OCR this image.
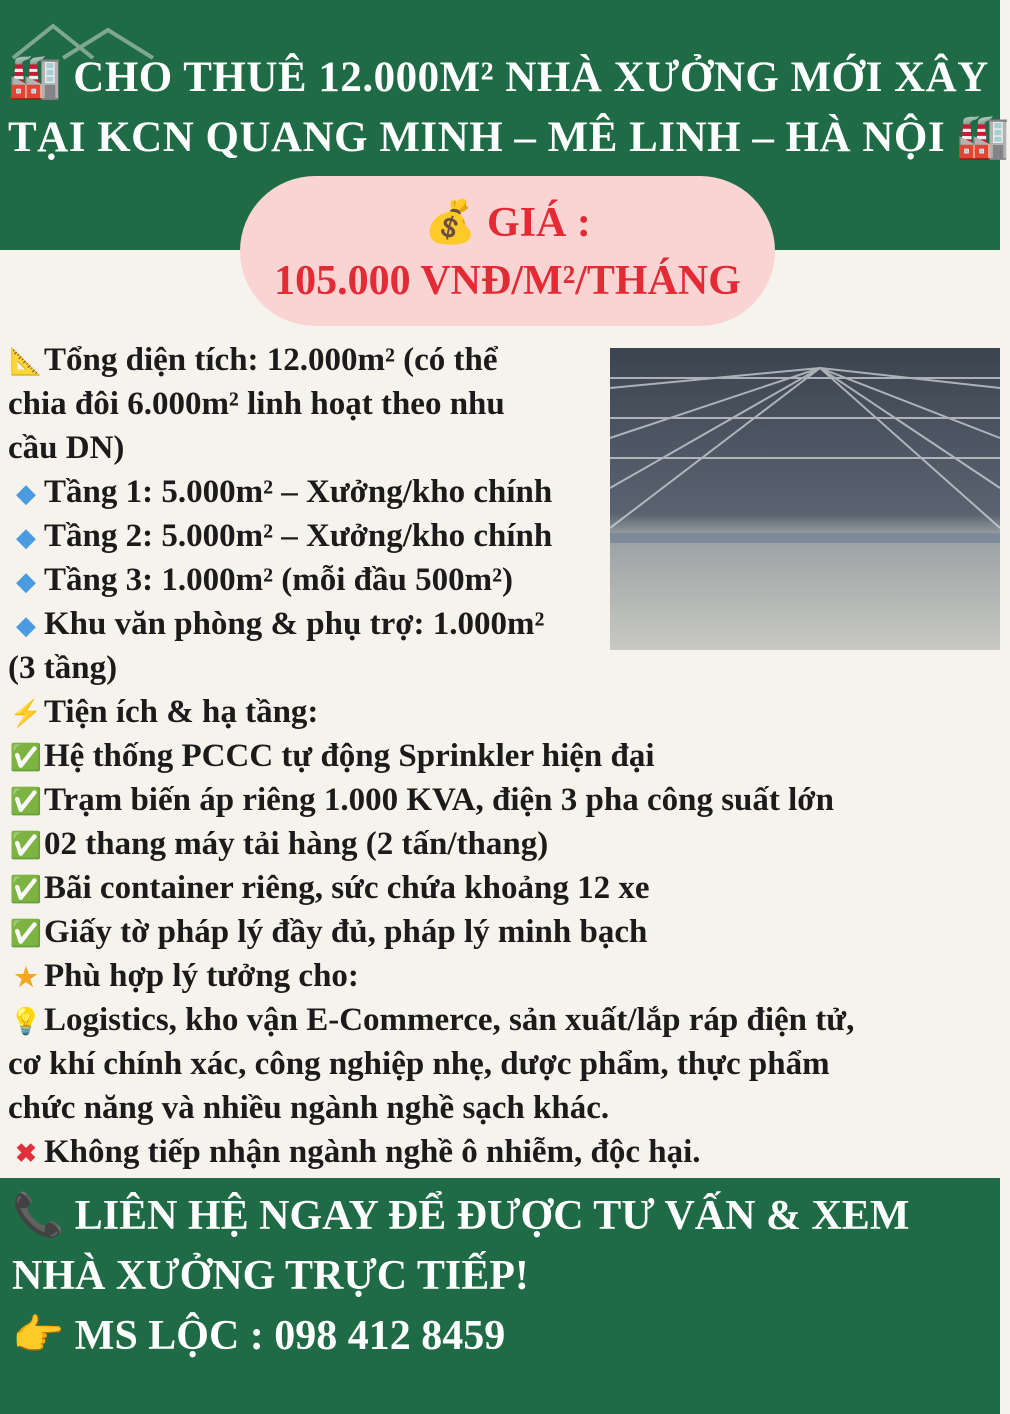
🏭 CHO THUÊ 12.000M² NHÀ XƯỞNG MỚI XÂY
TẠI KCN QUANG MINH – MÊ LINH – HÀ NỘI 🏭
💰 GIÁ :
105.000 VNĐ/M²/THÁNG
📐Tổng diện tích: 12.000m² (có thể
chia đôi 6.000m² linh hoạt theo nhu
cầu DN)
◆ Tầng 1: 5.000m² – Xưởng/kho chính
◆ Tầng 2: 5.000m² – Xưởng/kho chính
◆ Tầng 3: 1.000m² (mỗi đầu 500m²)
◆ Khu văn phòng & phụ trợ: 1.000m²
(3 tầng)
⚡Tiện ích & hạ tầng:
✅Hệ thống PCCC tự động Sprinkler hiện đại
✅Trạm biến áp riêng 1.000 KVA, điện 3 pha công suất lớn
✅02 thang máy tải hàng (2 tấn/thang)
✅Bãi container riêng, sức chứa khoảng 12 xe
✅Giấy tờ pháp lý đầy đủ, pháp lý minh bạch
★ Phù hợp lý tưởng cho:
💡Logistics, kho vận E-Commerce, sản xuất/lắp ráp điện tử,
cơ khí chính xác, công nghiệp nhẹ, dược phẩm, thực phẩm
chức năng và nhiều ngành nghề sạch khác.
✖ Không tiếp nhận ngành nghề ô nhiễm, độc hại.
📞 LIÊN HỆ NGAY ĐỂ ĐƯỢC TƯ VẤN & XEM
NHÀ XƯỞNG TRỰC TIẾP!
👉 MS LỘC : 098 412 8459
